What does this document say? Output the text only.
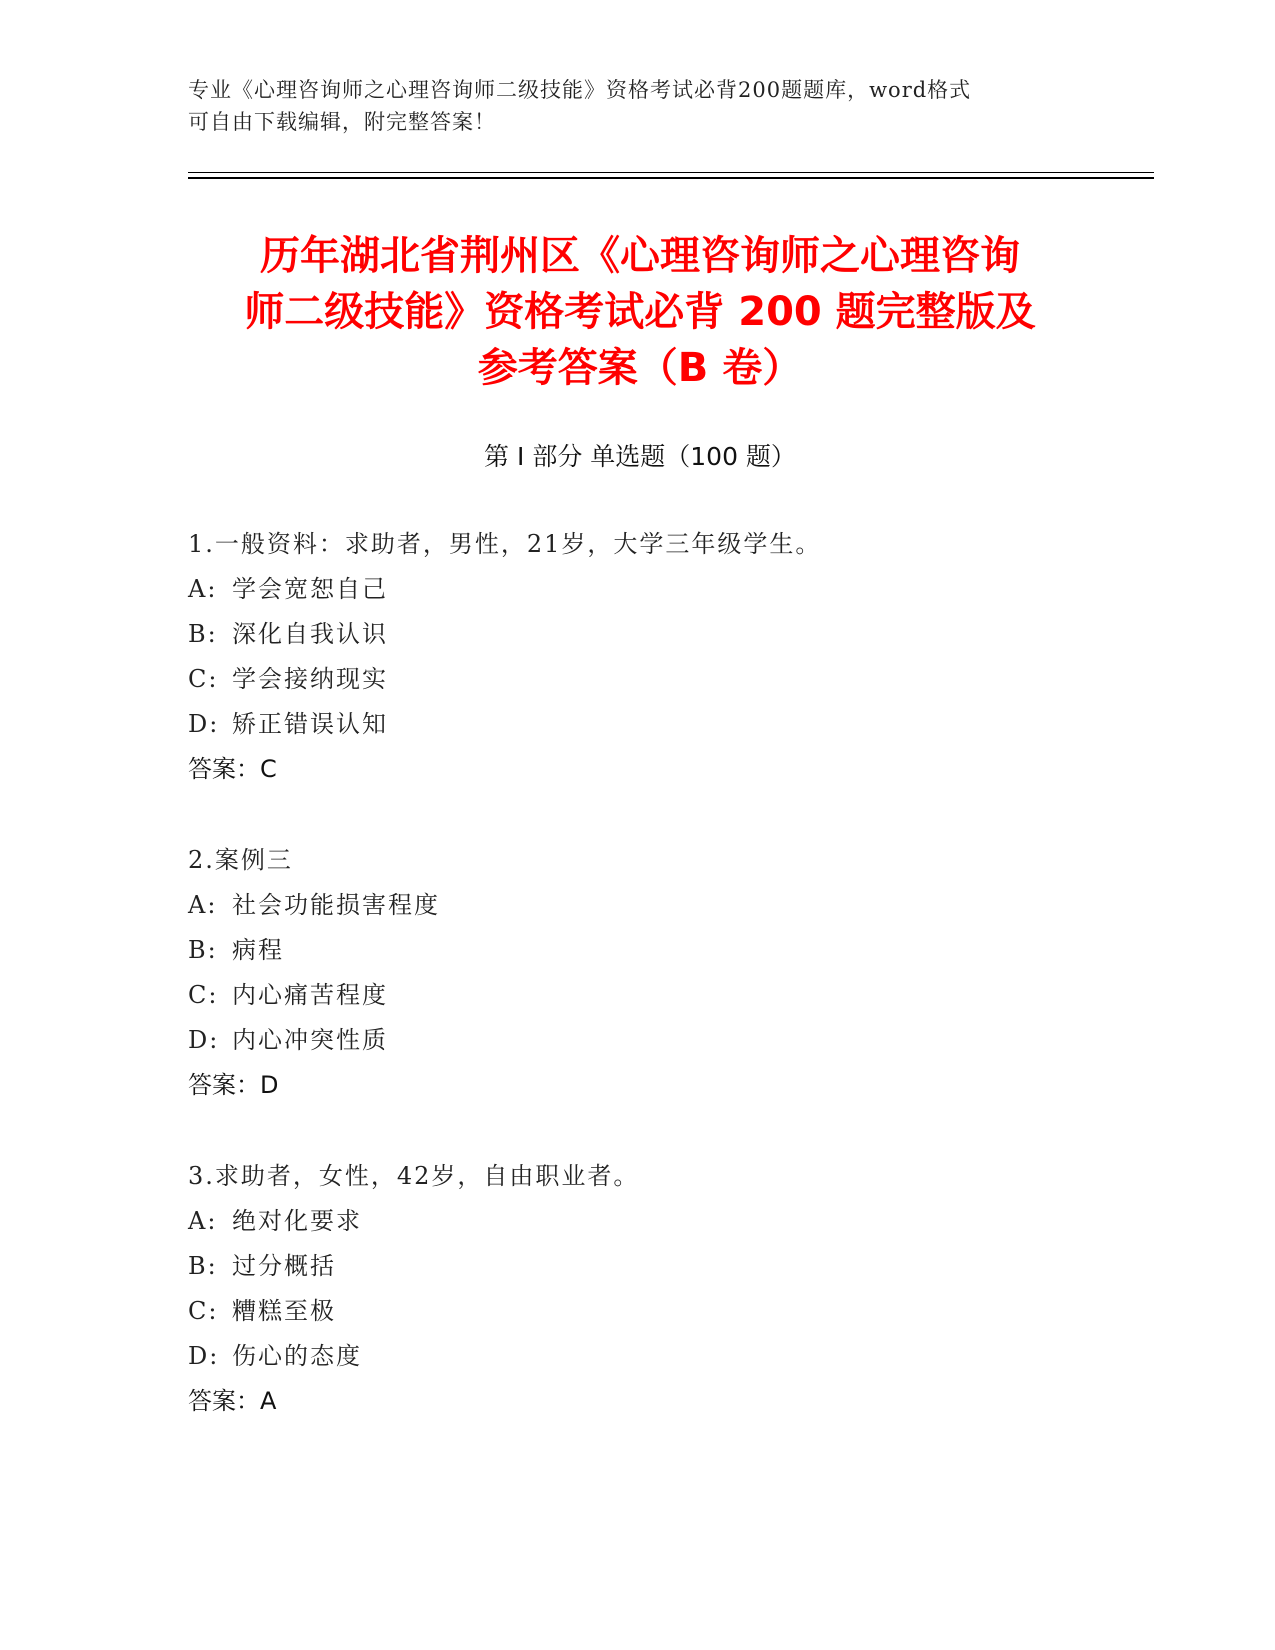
专业《心理咨询师之心理咨询师二级技能》资格考试必背200题题库，word格式
可自由下载编辑，附完整答案！
历年湖北省荆州区《心理咨询师之心理咨询
师二级技能》资格考试必背 200 题完整版及
参考答案（B 卷）
第 I 部分 单选题（100 题）
1.一般资料：求助者，男性，21岁，大学三年级学生。
A: 学会宽恕自己
B: 深化自我认识
C: 学会接纳现实
D: 矫正错误认知
答案：C
2.案例三
A: 社会功能损害程度
B: 病程
C: 内心痛苦程度
D: 内心冲突性质
答案：D
3.求助者，女性，42岁，自由职业者。
A: 绝对化要求
B: 过分概括
C: 糟糕至极
D: 伤心的态度
答案：A
